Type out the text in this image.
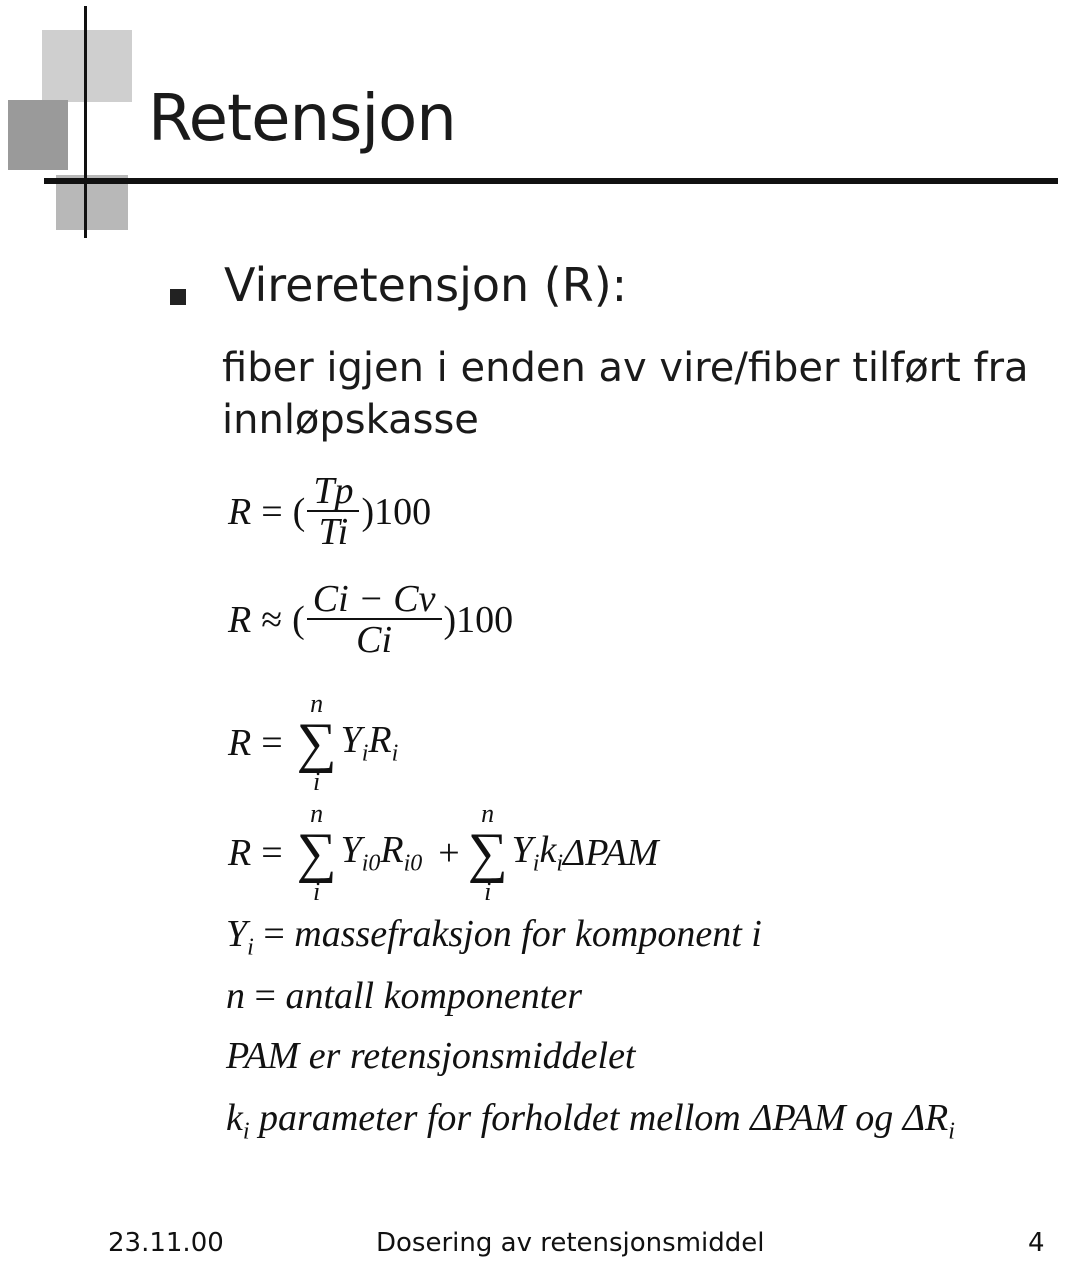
Retensjon
Vireretensjon (R):
fiber igjen i enden av vire/fiber tilført fra innløpskasse
R = ( $\frac{Tp}{Ti}$ ) 100
R ≈ ( $\frac{Ci - Cv}{Ci}$ ) 100
R =
n
∑
i
$Y_iR_i$
R =
n
∑
i
$Y_{i0}R_{i0}$ +
n
∑
i
$Y_ik_i$ ΔPAM
$Y_i$ = massefraksjon for komponent i
n = antall komponenter
PAM er retensjonsmiddelet
$k_i$ parameter for forholdet mellom ΔPAM og $\Delta R_i$
23.11.00	Dosering av retensjonsmiddel	4
